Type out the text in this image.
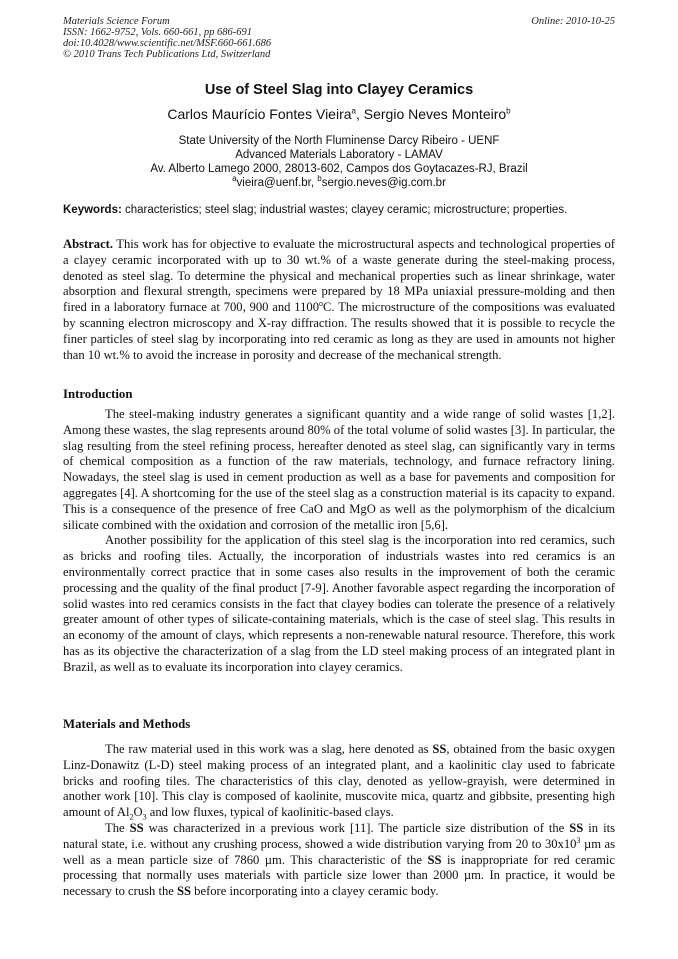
Materials Science Forum
ISSN: 1662-9752, Vols. 660-661, pp 686-691
doi:10.4028/www.scientific.net/MSF.660-661.686
© 2010 Trans Tech Publications Ltd, Switzerland
Online: 2010-10-25
Use of Steel Slag into Clayey Ceramics
Carlos Maurício Fontes Vieira$^a$, Sergio Neves Monteiro$^b$
State University of the North Fluminense Darcy Ribeiro - UENF
Advanced Materials Laboratory - LAMAV
Av. Alberto Lamego 2000, 28013-602, Campos dos Goytacazes-RJ, Brazil
$^a$vieira@uenf.br, $^b$sergio.neves@ig.com.br
Keywords: characteristics; steel slag; industrial wastes; clayey ceramic; microstructure; properties.
Abstract. This work has for objective to evaluate the microstructural aspects and technological properties of a clayey ceramic incorporated with up to 30 wt.% of a waste generate during the steel-making process, denoted as steel slag. To determine the physical and mechanical properties such as linear shrinkage, water absorption and flexural strength, specimens were prepared by 18 MPa uniaxial pressure-molding and then fired in a laboratory furnace at 700, 900 and 1100$^o$C. The microstructure of the compositions was evaluated by scanning electron microscopy and X-ray diffraction. The results showed that it is possible to recycle the finer particles of steel slag by incorporating into red ceramic as long as they are used in amounts not higher than 10 wt.% to avoid the increase in porosity and decrease of the mechanical strength.
Introduction

The steel-making industry generates a significant quantity and a wide range of solid wastes [1,2]. Among these wastes, the slag represents around 80% of the total volume of solid wastes [3]. In particular, the slag resulting from the steel refining process, hereafter denoted as steel slag, can significantly vary in terms of chemical composition as a function of the raw materials, technology, and furnace refractory lining. Nowadays, the steel slag is used in cement production as well as a base for pavements and composition for aggregates [4]. A shortcoming for the use of the steel slag as a construction material is its capacity to expand. This is a consequence of the presence of free CaO and MgO as well as the polymorphism of the dicalcium silicate combined with the oxidation and corrosion of the metallic iron [5,6].

Another possibility for the application of this steel slag is the incorporation into red ceramics, such as bricks and roofing tiles. Actually, the incorporation of industrials wastes into red ceramics is an environmentally correct practice that in some cases also results in the improvement of both the ceramic processing and the quality of the final product [7-9]. Another favorable aspect regarding the incorporation of solid wastes into red ceramics consists in the fact that clayey bodies can tolerate the presence of a relatively greater amount of other types of silicate-containing materials, which is the case of steel slag. This results in an economy of the amount of clays, which represents a non-renewable natural resource. Therefore, this work has as its objective the characterization of a slag from the LD steel making process of an integrated plant in Brazil, as well as to evaluate its incorporation into clayey ceramics.

Materials and Methods

The raw material used in this work was a slag, here denoted as SS, obtained from the basic oxygen Linz-Donawitz (L-D) steel making process of an integrated plant, and a kaolinitic clay used to fabricate bricks and roofing tiles. The characteristics of this clay, denoted as yellow-grayish, were determined in another work [10]. This clay is composed of kaolinite, muscovite mica, quartz and gibbsite, presenting high amount of $Al_2O_3$ and low fluxes, typical of kaolinitic-based clays.

The SS was characterized in a previous work [11]. The particle size distribution of the SS in its natural state, i.e. without any crushing process, showed a wide distribution varying from 20 to $30x10^3$ µm as well as a mean particle size of 7860 µm. This characteristic of the SS is inappropriate for red ceramic processing that normally uses materials with particle size lower than 2000 µm. In practice, it would be necessary to crush the SS before incorporating into a clayey ceramic body.
